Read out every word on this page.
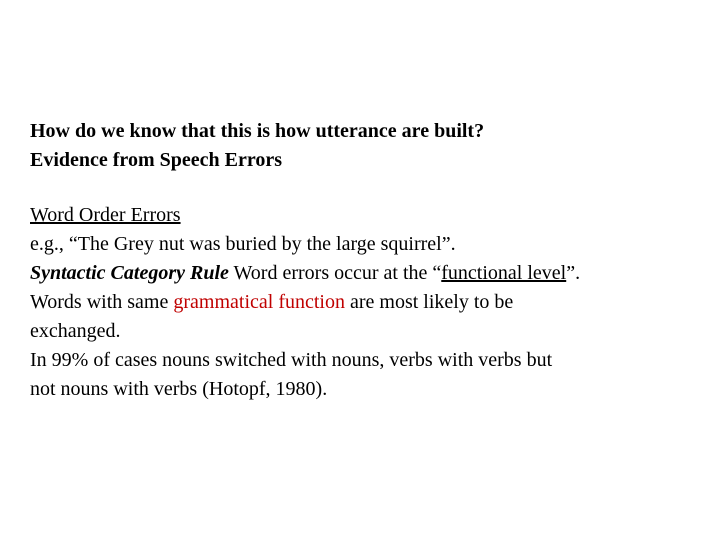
How do we know that this is how utterance are built?
Evidence from Speech Errors
Word Order Errors
e.g., “The Grey nut was buried by the large squirrel”.
Syntactic Category Rule Word errors occur at the “functional level”.
Words with same grammatical function are most likely to be
exchanged.
In 99% of cases nouns switched with nouns, verbs with verbs but
not nouns with verbs (Hotopf, 1980).
